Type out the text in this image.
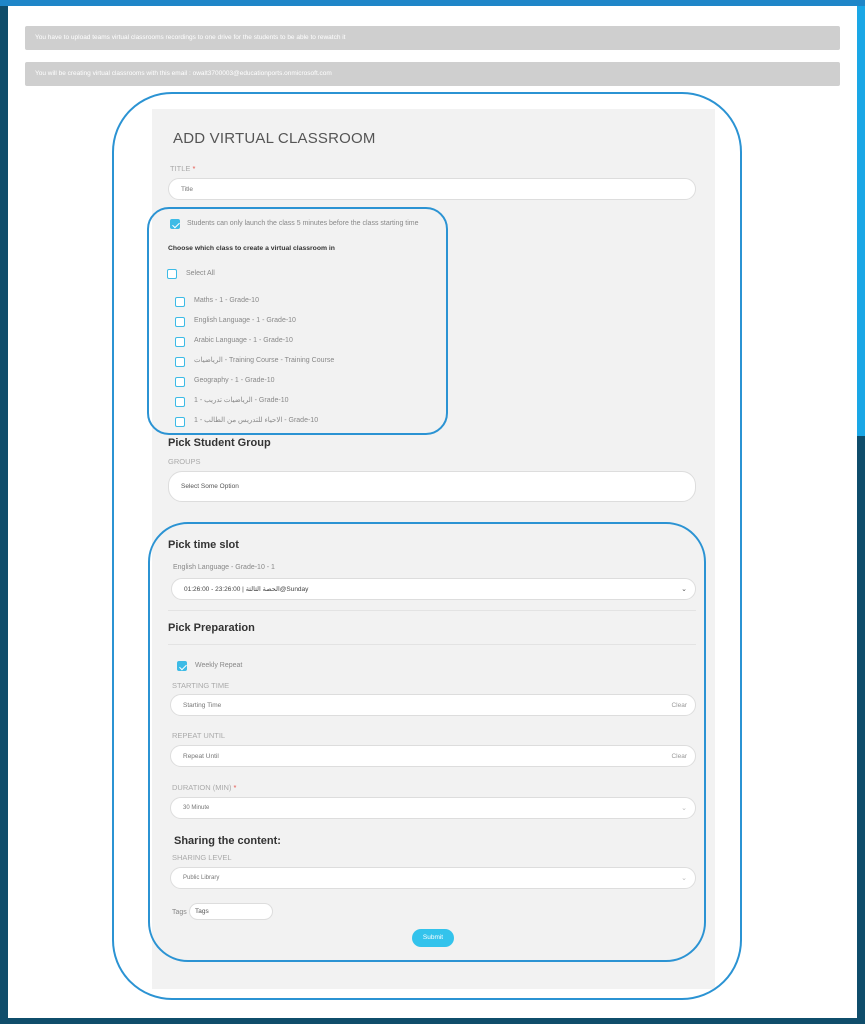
You have to upload teams virtual classrooms recordings to one drive for the students to be able to rewatch it
You will be creating virtual classrooms with this email : owalt3700003@educationports.onmicrosoft.com
ADD VIRTUAL CLASSROOM
TITLE *
Title
Students can only launch the class 5 minutes before the class starting time
Choose which class to create a virtual classroom in
Select All
Maths - 1 - Grade-10
English Language - 1 - Grade-10
Arabic Language - 1 - Grade-10
الرياضيات - Training Course - Training Course
Geography - 1 - Grade-10
الرياضيات تدريب - 1 - Grade-10
الاحياء للتدريس من الطالب - 1 - Grade-10
Pick Student Group
GROUPS
Select Some Option
Pick time slot
English Language - Grade-10 - 1
01:26:00 - 23:26:00 | الحصة الثالثة@Sunday	⌄
Pick Preparation
Weekly Repeat
STARTING TIME
Starting Time	Clear
REPEAT UNTIL
Repeat Until	Clear
DURATION (MIN) *
30 Minute	⌄
Sharing the content:
SHARING LEVEL
Public Library	⌄
Tags Tags
Submit
